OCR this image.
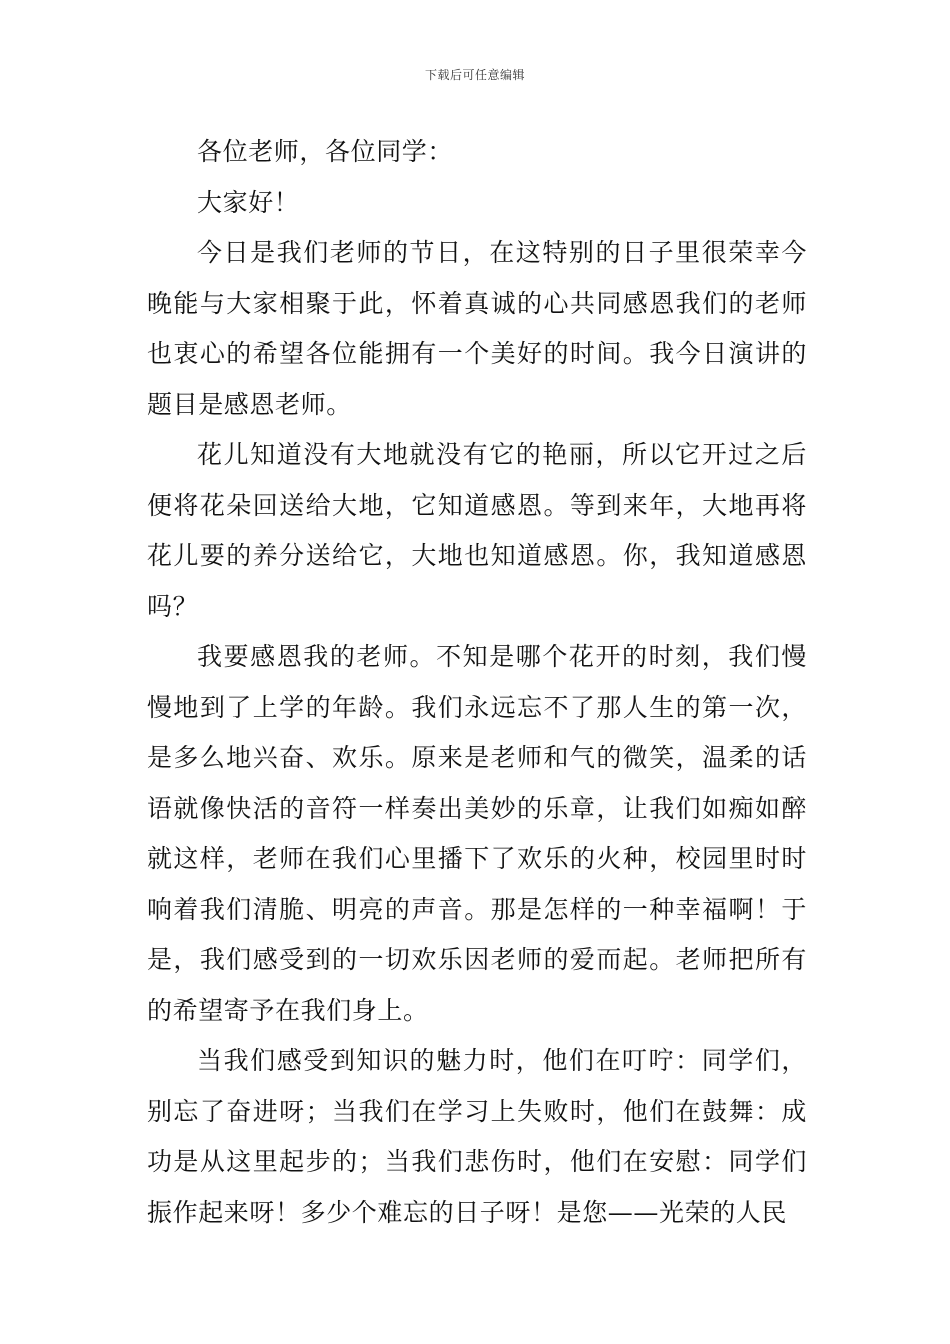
下载后可任意编辑

各位老师，各位同学：

大家好！

今日是我们老师的节日，在这特别的日子里很荣幸今晚能与大家相聚于此，怀着真诚的心共同感恩我们的老师也衷心的希望各位能拥有一个美好的时间。我今日演讲的题目是感恩老师。

花儿知道没有大地就没有它的艳丽，所以它开过之后便将花朵回送给大地，它知道感恩。等到来年，大地再将花儿要的养分送给它，大地也知道感恩。你，我知道感恩吗？

我要感恩我的老师。不知是哪个花开的时刻，我们慢慢地到了上学的年龄。我们永远忘不了那人生的第一次，是多么地兴奋、欢乐。原来是老师和气的微笑，温柔的话语就像快活的音符一样奏出美妙的乐章，让我们如痴如醉就这样，老师在我们心里播下了欢乐的火种，校园里时时响着我们清脆、明亮的声音。那是怎样的一种幸福啊！于是，我们感受到的一切欢乐因老师的爱而起。老师把所有的希望寄予在我们身上。

当我们感受到知识的魅力时，他们在叮咛：同学们，别忘了奋进呀；当我们在学习上失败时，他们在鼓舞：成功是从这里起步的；当我们悲伤时，他们在安慰：同学们振作起来呀！多少个难忘的日子呀！是您——光荣的人民
